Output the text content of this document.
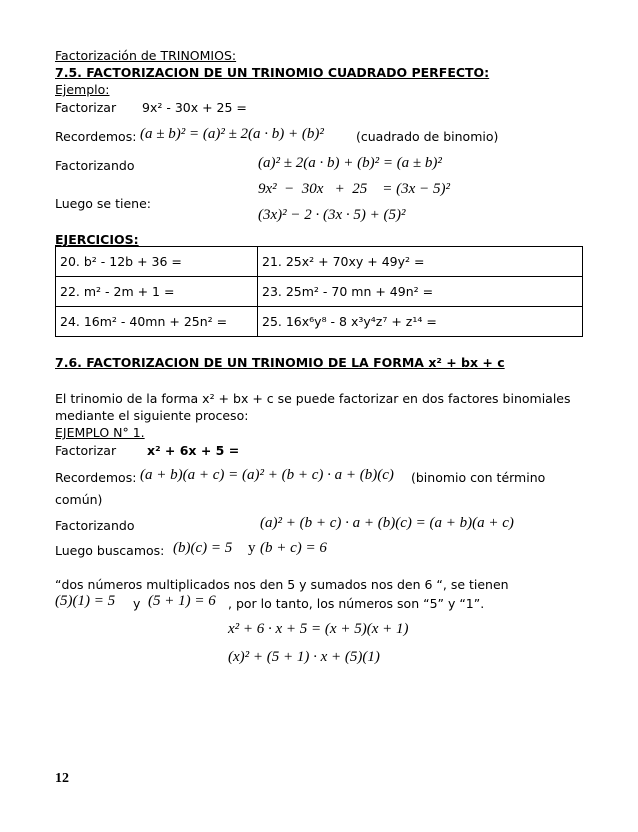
Factorización de TRINOMIOS:
7.5. FACTORIZACION DE UN TRINOMIO CUADRADO PERFECTO:
Ejemplo:
Factorizar 9x² - 30x + 25 =
Recordemos: (a ± b)² = (a)² ± 2(a · b) + (b)²	(cuadrado de binomio)
Factorizando	(a)² ± 2(a · b) + (b)² = (a ± b)²
9x²  −  30x   +  25    = (3x − 5)²
Luego se tiene:
(3x)² − 2 · (3x · 5) + (5)²
EJERCICIOS:
20. b² - 12b + 36 =	21. 25x² + 70xy + 49y² =
22. m² - 2m + 1 =	23. 25m² - 70 mn + 49n² =
24. 16m² - 40mn + 25n² =	25. 16x⁶y⁸ - 8 x³y⁴z⁷ + z¹⁴ =
7.6. FACTORIZACION DE UN TRINOMIO DE LA FORMA x² + bx + c
El trinomio de la forma x² + bx + c se puede factorizar en dos factores binomiales
mediante el siguiente proceso:
EJEMPLO N° 1.
Factorizar x² + 6x + 5 =
Recordemos: (a + b)(a + c) = (a)² + (b + c) · a + (b)(c) (binomio con término
común)
Factorizando	(a)² + (b + c) · a + (b)(c) = (a + b)(a + c)
Luego buscamos: (b)(c) = 5 y (b + c) = 6
“dos números multiplicados nos den 5 y sumados nos den 6 “, se tienen
(5)(1) = 5 y (5 + 1) = 6 , por lo tanto, los números son “5” y “1”.
x² + 6 · x + 5 = (x + 5)(x + 1)
(x)² + (5 + 1) · x + (5)(1)
12
